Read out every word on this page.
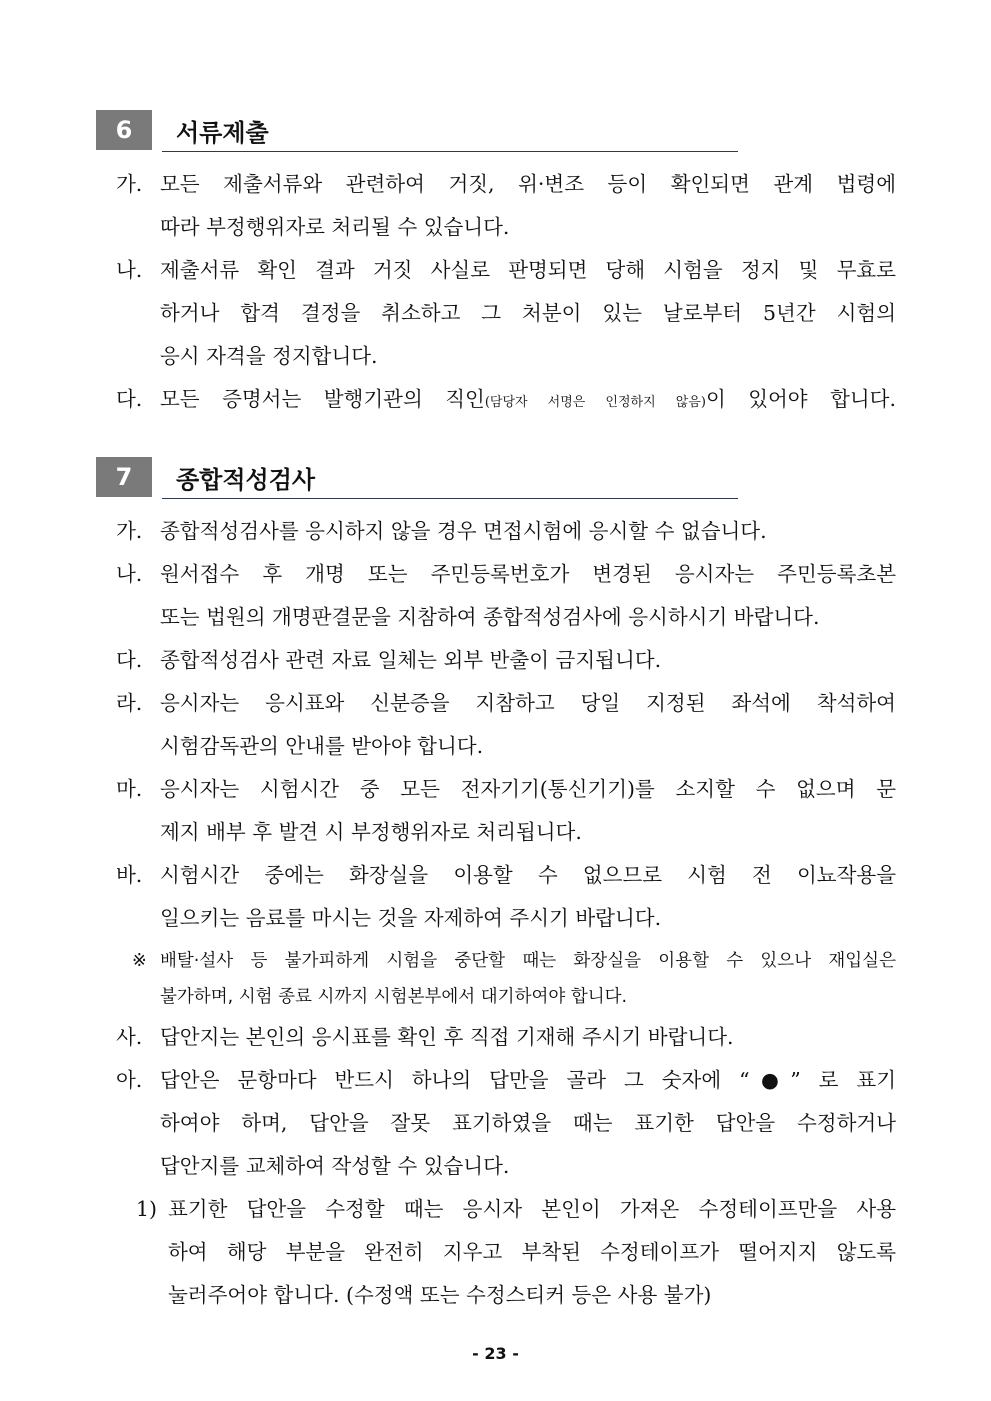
6	서류제출
가. 모든 제출서류와 관련하여 거짓, 위·변조 등이 확인되면 관계 법령에
따라 부정행위자로 처리될 수 있습니다.
나. 제출서류 확인 결과 거짓 사실로 판명되면 당해 시험을 정지 및 무효로
하거나 합격 결정을 취소하고 그 처분이 있는 날로부터 5년간 시험의
응시 자격을 정지합니다.
다. 모든 증명서는 발행기관의 직인(담당자 서명은 인정하지 않음)이 있어야 합니다.
7	종합적성검사
가. 종합적성검사를 응시하지 않을 경우 면접시험에 응시할 수 없습니다.
나. 원서접수 후 개명 또는 주민등록번호가 변경된 응시자는 주민등록초본
또는 법원의 개명판결문을 지참하여 종합적성검사에 응시하시기 바랍니다.
다. 종합적성검사 관련 자료 일체는 외부 반출이 금지됩니다.
라. 응시자는 응시표와 신분증을 지참하고 당일 지정된 좌석에 착석하여
시험감독관의 안내를 받아야 합니다.
마. 응시자는 시험시간 중 모든 전자기기(통신기기)를 소지할 수 없으며 문
제지 배부 후 발견 시 부정행위자로 처리됩니다.
바. 시험시간 중에는 화장실을 이용할 수 없으므로 시험 전 이뇨작용을
일으키는 음료를 마시는 것을 자제하여 주시기 바랍니다.
※ 배탈·설사 등 불가피하게 시험을 중단할 때는 화장실을 이용할 수 있으나 재입실은
불가하며, 시험 종료 시까지 시험본부에서 대기하여야 합니다.
사. 답안지는 본인의 응시표를 확인 후 직접 기재해 주시기 바랍니다.
아. 답안은 문항마다 반드시 하나의 답만을 골라 그 숫자에 “●” 로 표기
하여야 하며, 답안을 잘못 표기하였을 때는 표기한 답안을 수정하거나
답안지를 교체하여 작성할 수 있습니다.
1) 표기한 답안을 수정할 때는 응시자 본인이 가져온 수정테이프만을 사용
하여 해당 부분을 완전히 지우고 부착된 수정테이프가 떨어지지 않도록
눌러주어야 합니다. (수정액 또는 수정스티커 등은 사용 불가)
- 23 -
